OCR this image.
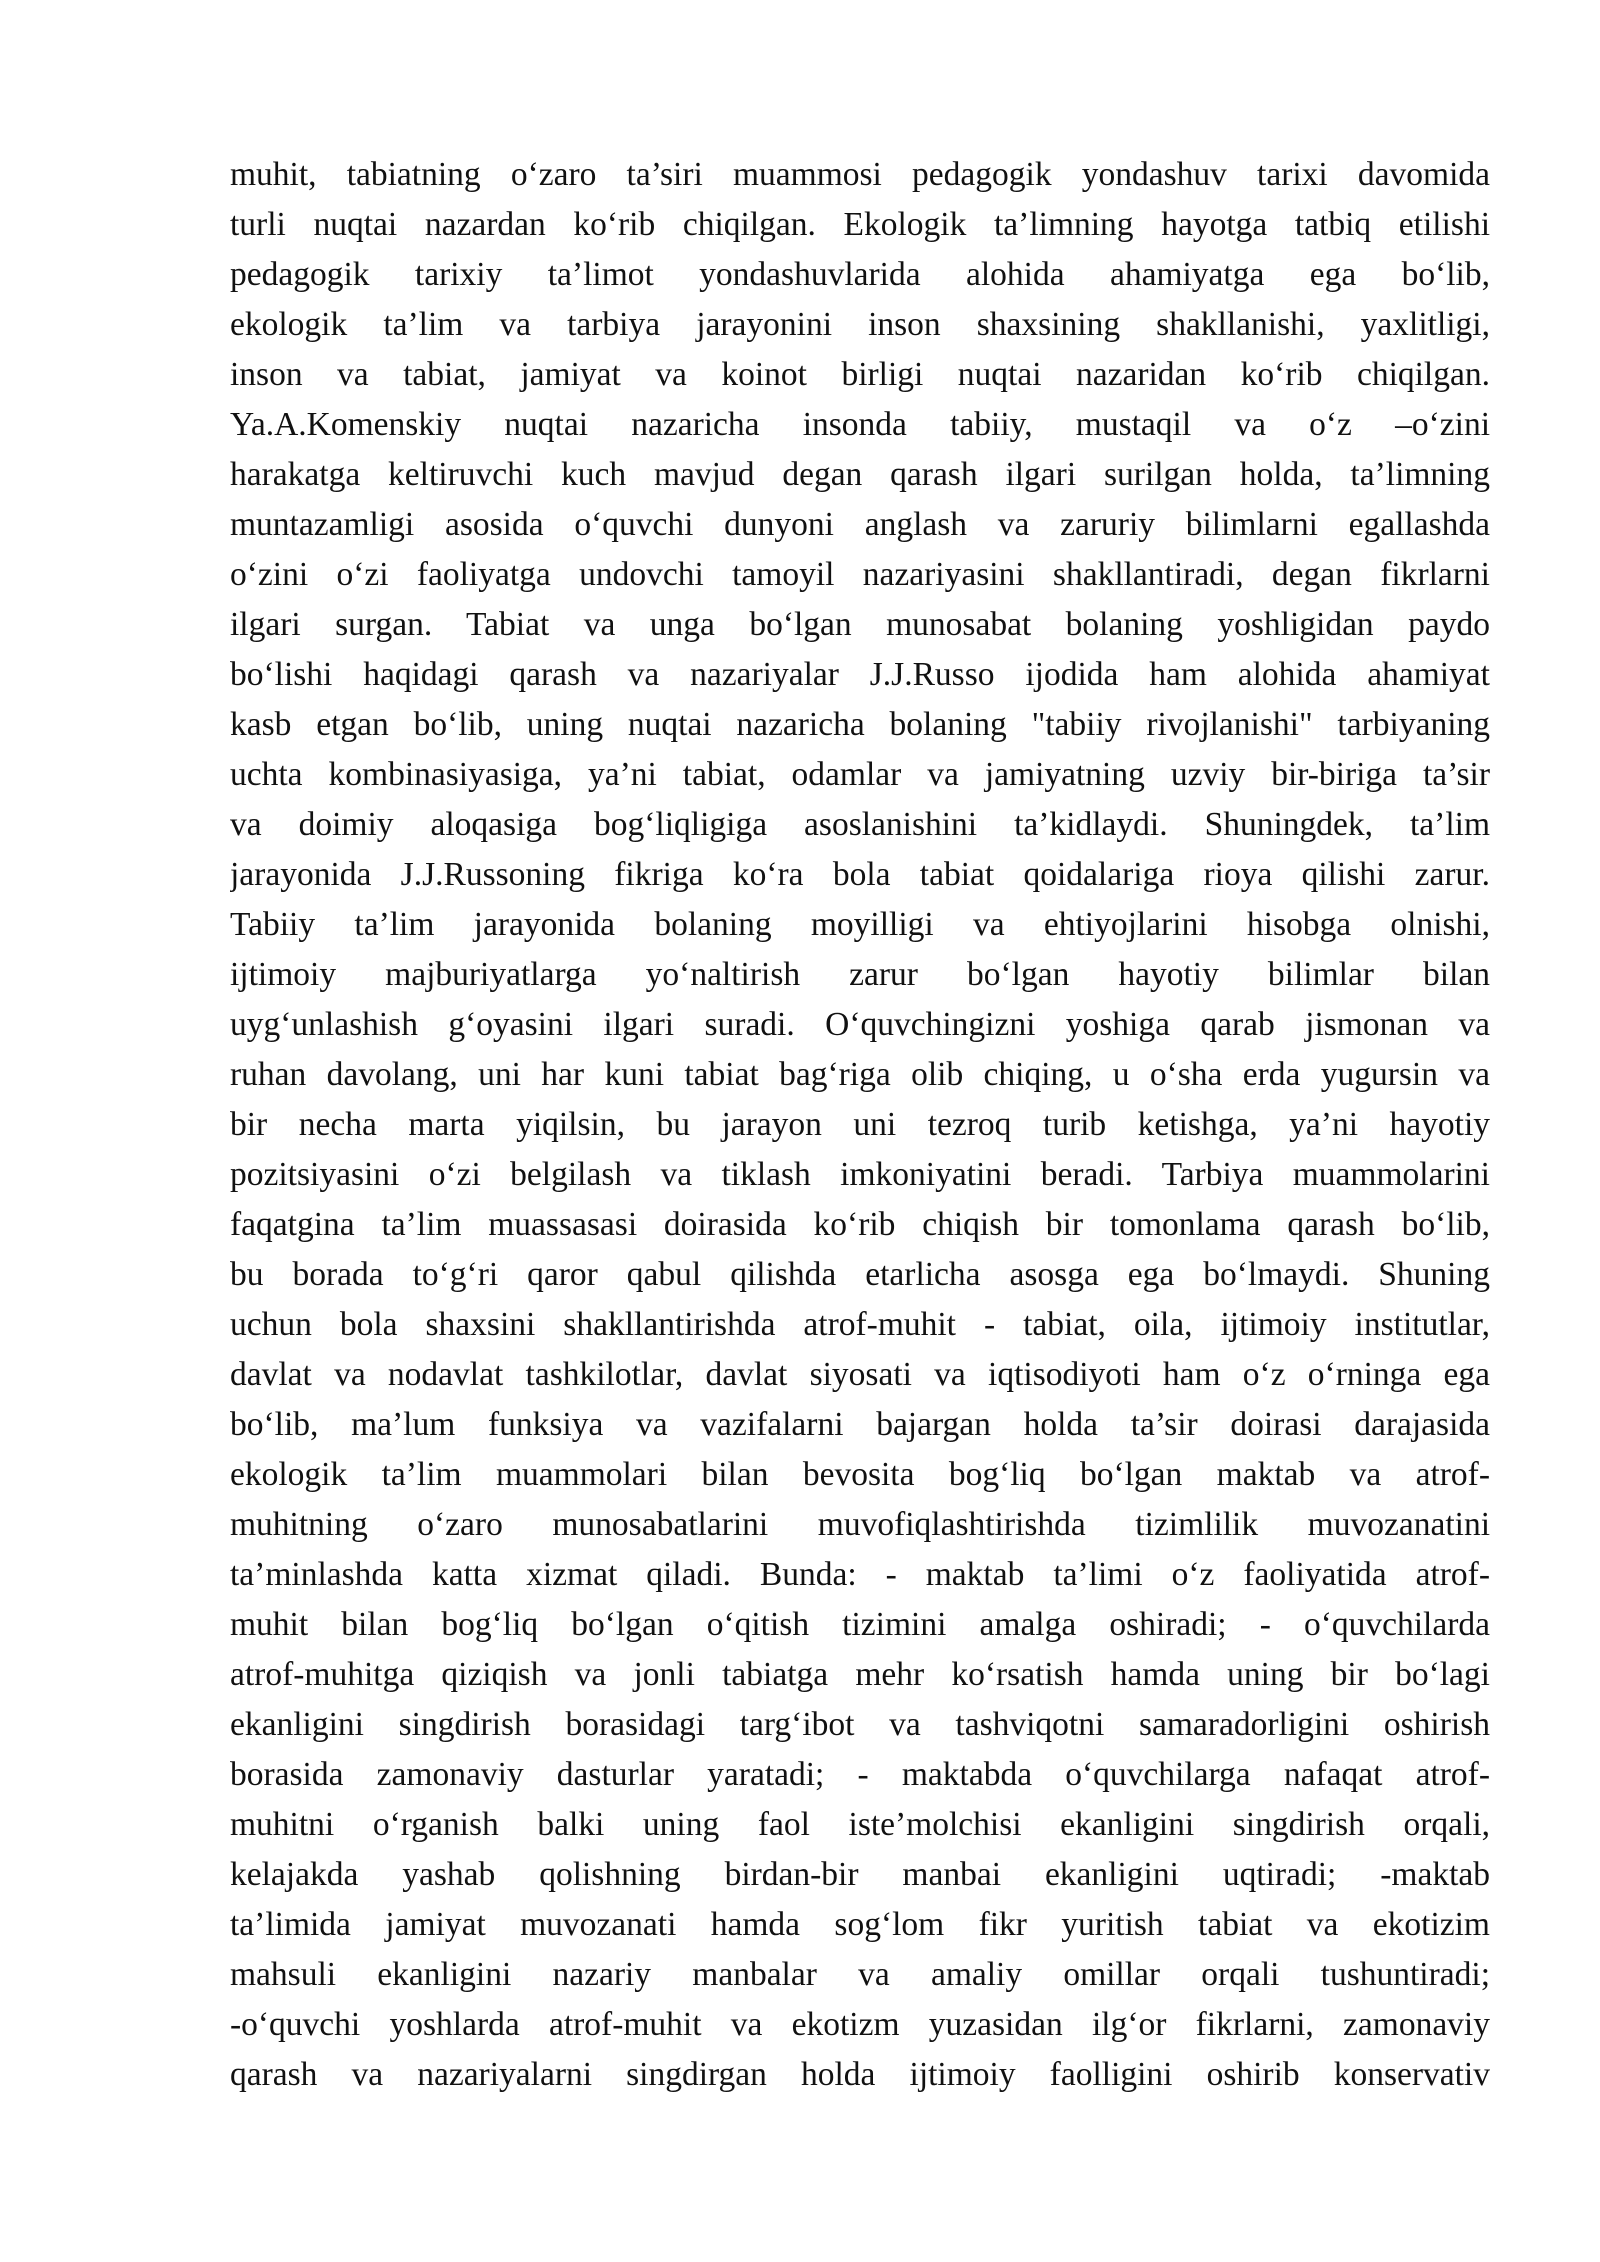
muhit, tabiatning o‘zaro ta’siri muammosi pedagogik yondashuv tarixi davomida
turli nuqtai nazardan ko‘rib chiqilgan. Ekologik ta’limning hayotga tatbiq etilishi
pedagogik tarixiy ta’limot yondashuvlarida alohida ahamiyatga ega bo‘lib,
ekologik ta’lim va tarbiya jarayonini inson shaxsining shakllanishi, yaxlitligi,
inson va tabiat, jamiyat va koinot birligi nuqtai nazaridan ko‘rib chiqilgan.
Ya.A.Komenskiy nuqtai nazaricha insonda tabiiy, mustaqil va o‘z –o‘zini
harakatga keltiruvchi kuch mavjud degan qarash ilgari surilgan holda, ta’limning
muntazamligi asosida o‘quvchi dunyoni anglash va zaruriy bilimlarni egallashda
o‘zini o‘zi faoliyatga undovchi tamoyil nazariyasini shakllantiradi, degan fikrlarni
ilgari surgan. Tabiat va unga bo‘lgan munosabat bolaning yoshligidan paydo
bo‘lishi haqidagi qarash va nazariyalar J.J.Russo ijodida ham alohida ahamiyat
kasb etgan bo‘lib, uning nuqtai nazaricha bolaning "tabiiy rivojlanishi" tarbiyaning
uchta kombinasiyasiga, ya’ni tabiat, odamlar va jamiyatning uzviy bir-biriga ta’sir
va doimiy aloqasiga bog‘liqligiga asoslanishini ta’kidlaydi. Shuningdek, ta’lim
jarayonida J.J.Russoning fikriga ko‘ra bola tabiat qoidalariga rioya qilishi zarur.
Tabiiy ta’lim jarayonida bolaning moyilligi va ehtiyojlarini hisobga olnishi,
ijtimoiy majburiyatlarga yo‘naltirish zarur bo‘lgan hayotiy bilimlar bilan
uyg‘unlashish g‘oyasini ilgari suradi. O‘quvchingizni yoshiga qarab jismonan va
ruhan davolang, uni har kuni tabiat bag‘riga olib chiqing, u o‘sha erda yugursin va
bir necha marta yiqilsin, bu jarayon uni tezroq turib ketishga, ya’ni hayotiy
pozitsiyasini o‘zi belgilash va tiklash imkoniyatini beradi. Tarbiya muammolarini
faqatgina ta’lim muassasasi doirasida ko‘rib chiqish bir tomonlama qarash bo‘lib,
bu borada to‘g‘ri qaror qabul qilishda etarlicha asosga ega bo‘lmaydi. Shuning
uchun bola shaxsini shakllantirishda atrof-muhit - tabiat, oila, ijtimoiy institutlar,
davlat va nodavlat tashkilotlar, davlat siyosati va iqtisodiyoti ham o‘z o‘rninga ega
bo‘lib, ma’lum funksiya va vazifalarni bajargan holda ta’sir doirasi darajasida
ekologik ta’lim muammolari bilan bevosita bog‘liq bo‘lgan maktab va atrof-
muhitning o‘zaro munosabatlarini muvofiqlashtirishda tizimlilik muvozanatini
ta’minlashda katta xizmat qiladi. Bunda: - maktab ta’limi o‘z faoliyatida atrof-
muhit bilan bog‘liq bo‘lgan o‘qitish tizimini amalga oshiradi; - o‘quvchilarda
atrof-muhitga qiziqish va jonli tabiatga mehr ko‘rsatish hamda uning bir bo‘lagi
ekanligini singdirish borasidagi targ‘ibot va tashviqotni samaradorligini oshirish
borasida zamonaviy dasturlar yaratadi; - maktabda o‘quvchilarga nafaqat atrof-
muhitni o‘rganish balki uning faol iste’molchisi ekanligini singdirish orqali,
kelajakda yashab qolishning birdan-bir manbai ekanligini uqtiradi; -maktab
ta’limida jamiyat muvozanati hamda sog‘lom fikr yuritish tabiat va ekotizim
mahsuli ekanligini nazariy manbalar va amaliy omillar orqali tushuntiradi;
-o‘quvchi yoshlarda atrof-muhit va ekotizm yuzasidan ilg‘or fikrlarni, zamonaviy
qarash va nazariyalarni singdirgan holda ijtimoiy faolligini oshirib konservativ
